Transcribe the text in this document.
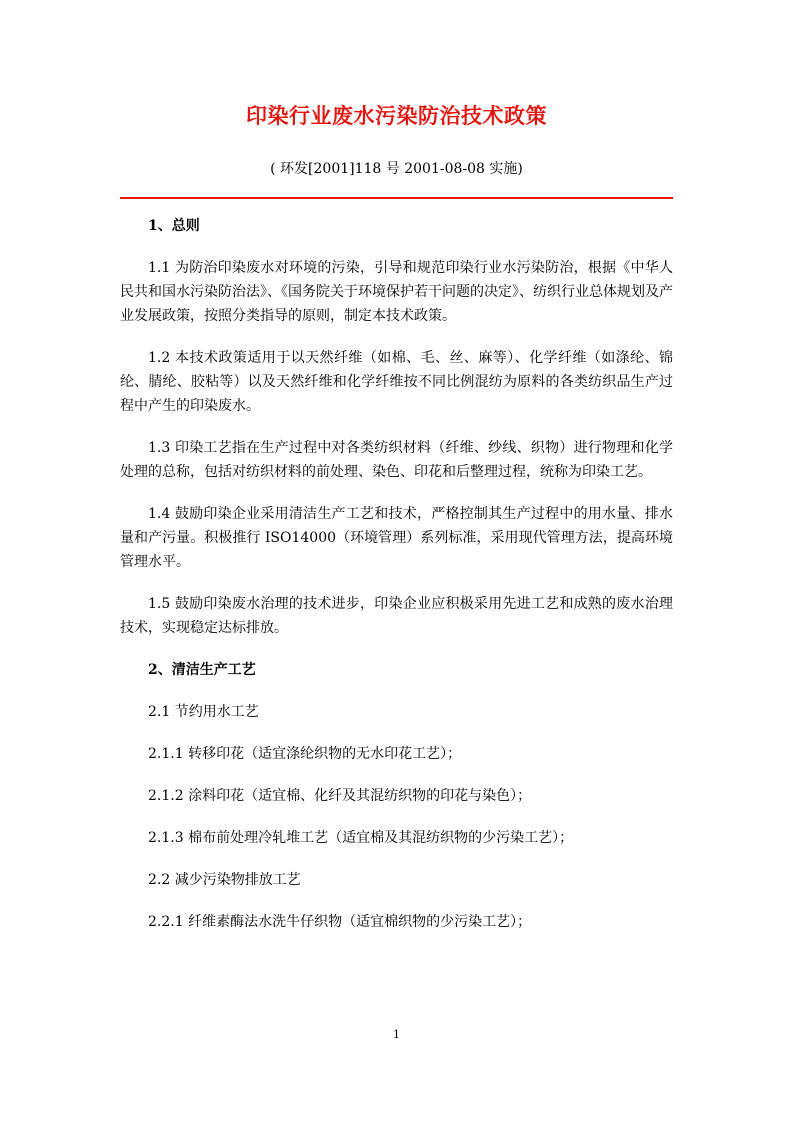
印染行业废水污染防治技术政策
( 环发[2001]118 号 2001-08-08 实施)

1、总则

1.1 为防治印染废水对环境的污染，引导和规范印染行业水污染防治，根据《中华人民共和国水污染防治法》、《国务院关于环境保护若干问题的决定》、纺织行业总体规划及产业发展政策，按照分类指导的原则，制定本技术政策。

1.2 本技术政策适用于以天然纤维（如棉、毛、丝、麻等）、化学纤维（如涤纶、锦纶、腈纶、胶粘等）以及天然纤维和化学纤维按不同比例混纺为原料的各类纺织品生产过程中产生的印染废水。

1.3 印染工艺指在生产过程中对各类纺织材料（纤维、纱线、织物）进行物理和化学处理的总称，包括对纺织材料的前处理、染色、印花和后整理过程，统称为印染工艺。

1.4 鼓励印染企业采用清洁生产工艺和技术，严格控制其生产过程中的用水量、排水量和产污量。积极推行 ISO14000（环境管理）系列标准，采用现代管理方法，提高环境管理水平。

1.5 鼓励印染废水治理的技术进步，印染企业应积极采用先进工艺和成熟的废水治理技术，实现稳定达标排放。

2、清洁生产工艺

2.1 节约用水工艺

2.1.1 转移印花（适宜涤纶织物的无水印花工艺）；

2.1.2 涂料印花（适宜棉、化纤及其混纺织物的印花与染色）；

2.1.3 棉布前处理冷轧堆工艺（适宜棉及其混纺织物的少污染工艺）；

2.2 减少污染物排放工艺

2.2.1 纤维素酶法水洗牛仔织物（适宜棉织物的少污染工艺）；

1
